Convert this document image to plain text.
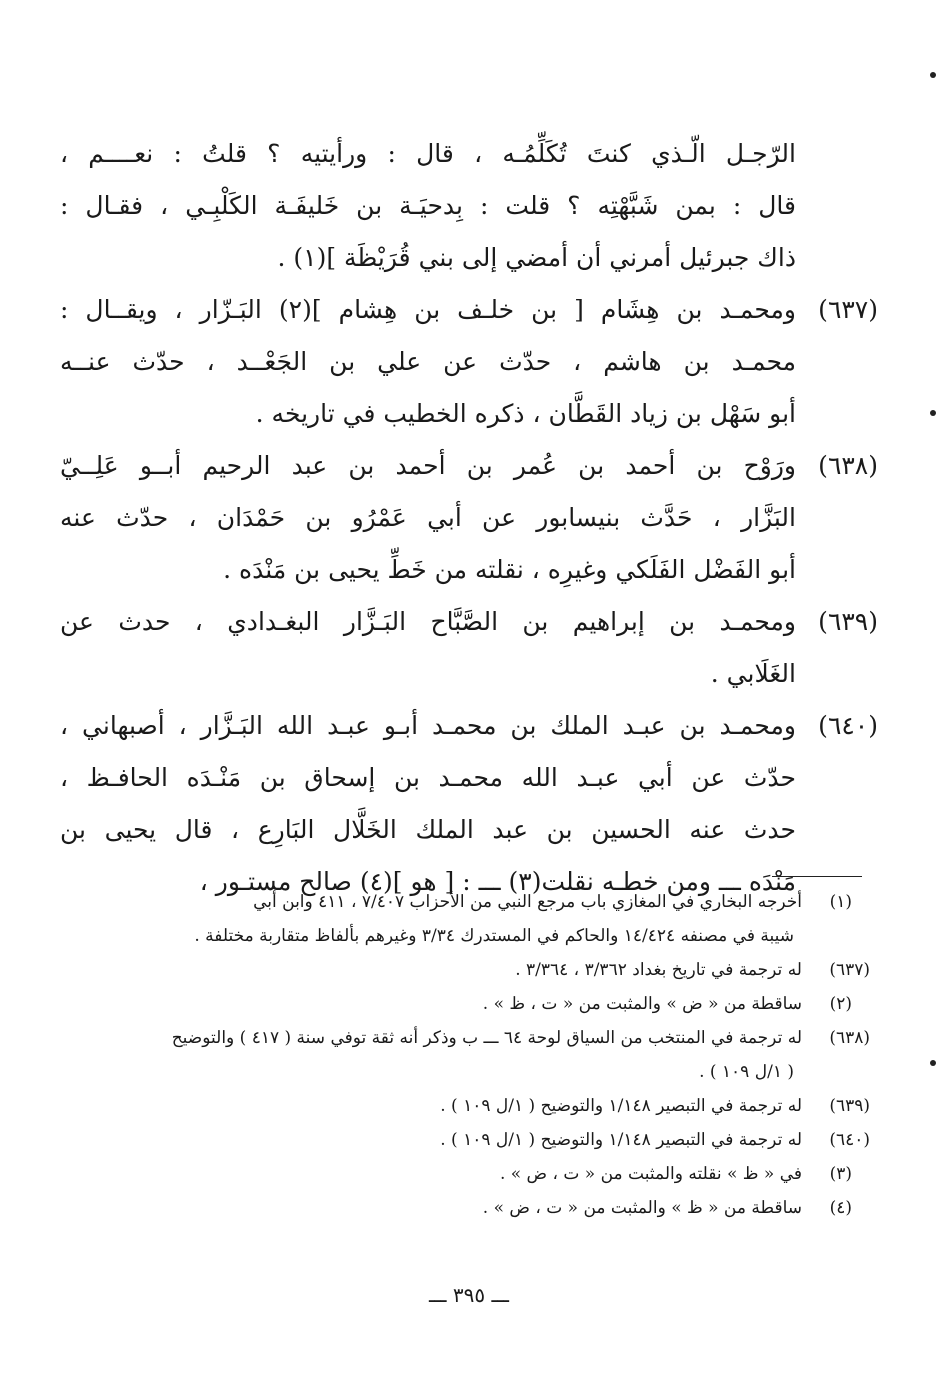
الرّجـل الّـذي كنتَ تُكَلِّمُـه ، قال : ورأيتيه ؟ قلتُ : نعــــم ،
قال : بمن شَبَّهْتِه ؟ قلت : بِدحيَـة بن خَليفَـة الكَلْبِـي ، فقـال :
ذاك جبرئيل أمرني أن أمضي إلى بني قُرَيْظَة ](١) .
(٦٣٧)
ومحمـد بن هِشَام [ بن خلـف بن هِشام ](٢) البَـزّار ، ويقــال :
محمـد بن هاشم ، حدّث عن علي بن الجَعْــد ، حدّث عنــه
أبو سَهْل بن زياد القَطَّان ، ذكره الخطيب في تاريخه .
(٦٣٨)
ورَوْح بن أحمد بن عُمر بن أحمد بن عبد الرحيم أبــو عَلِــيّ
البَزَّار ، حَدَّث بنيسابور عن أبي عَمْرُو بن حَمْدَان ، حدّث عنه
أبو الفَضْل الفَلَكي وغيرِه ، نقلته من خَطِّ يحيى بن مَنْدَه .
(٦٣٩)
ومحمـد بن إبراهيم بن الصَّبَّاح البَـزَّار البغـدادي ، حدث عن
الغَلَابي .
(٦٤٠)
ومحمـد بن عبـد الملك بن محمـد أبـو عبـد الله البَـزَّار ، أصبهاني ،
حدّث عن أبي عبـد الله محمـد بن إسحاق بن مَنْـدَه الحافـظ ،
حدث عنه الحسين بن عبد الملك الخَلَّال البَارِع ، قال يحيى بن
مَنْدَه ـــ ومن خطـه نقلت(٣) ـــ : [ هو ](٤) صالح مستـور ،
(١)
أخرجه البخاري في المغازي باب مرجع النبي من الأحزاب ٧/٤٠٧ ، ٤١١ وابن أبي
شيبة في مصنفه ١٤/٤٢٤ والحاكم في المستدرك ٣/٣٤ وغيرهم بألفاظ متقاربة مختلفة .
(٦٣٧)
له ترجمة في تاريخ بغداد ٣/٣٦٢ ، ٣/٣٦٤ .
(٢)
ساقطة من « ض » والمثبت من « ت ، ظ » .
(٦٣٨)
له ترجمة في المنتخب من السياق لوحة ٦٤ ـــ ب وذكر أنه ثقة توفي سنة ( ٤١٧ ) والتوضيح
( ١/ل ١٠٩ ) .
(٦٣٩)
له ترجمة في التبصير ١/١٤٨ والتوضيح ( ١/ل ١٠٩ ) .
(٦٤٠)
له ترجمة في التبصير ١/١٤٨ والتوضيح ( ١/ل ١٠٩ ) .
(٣)
في « ظ » نقلته والمثبت من « ت ، ض » .
(٤)
ساقطة من « ظ » والمثبت من « ت ، ض » .
ـــ ٣٩٥ ـــ
